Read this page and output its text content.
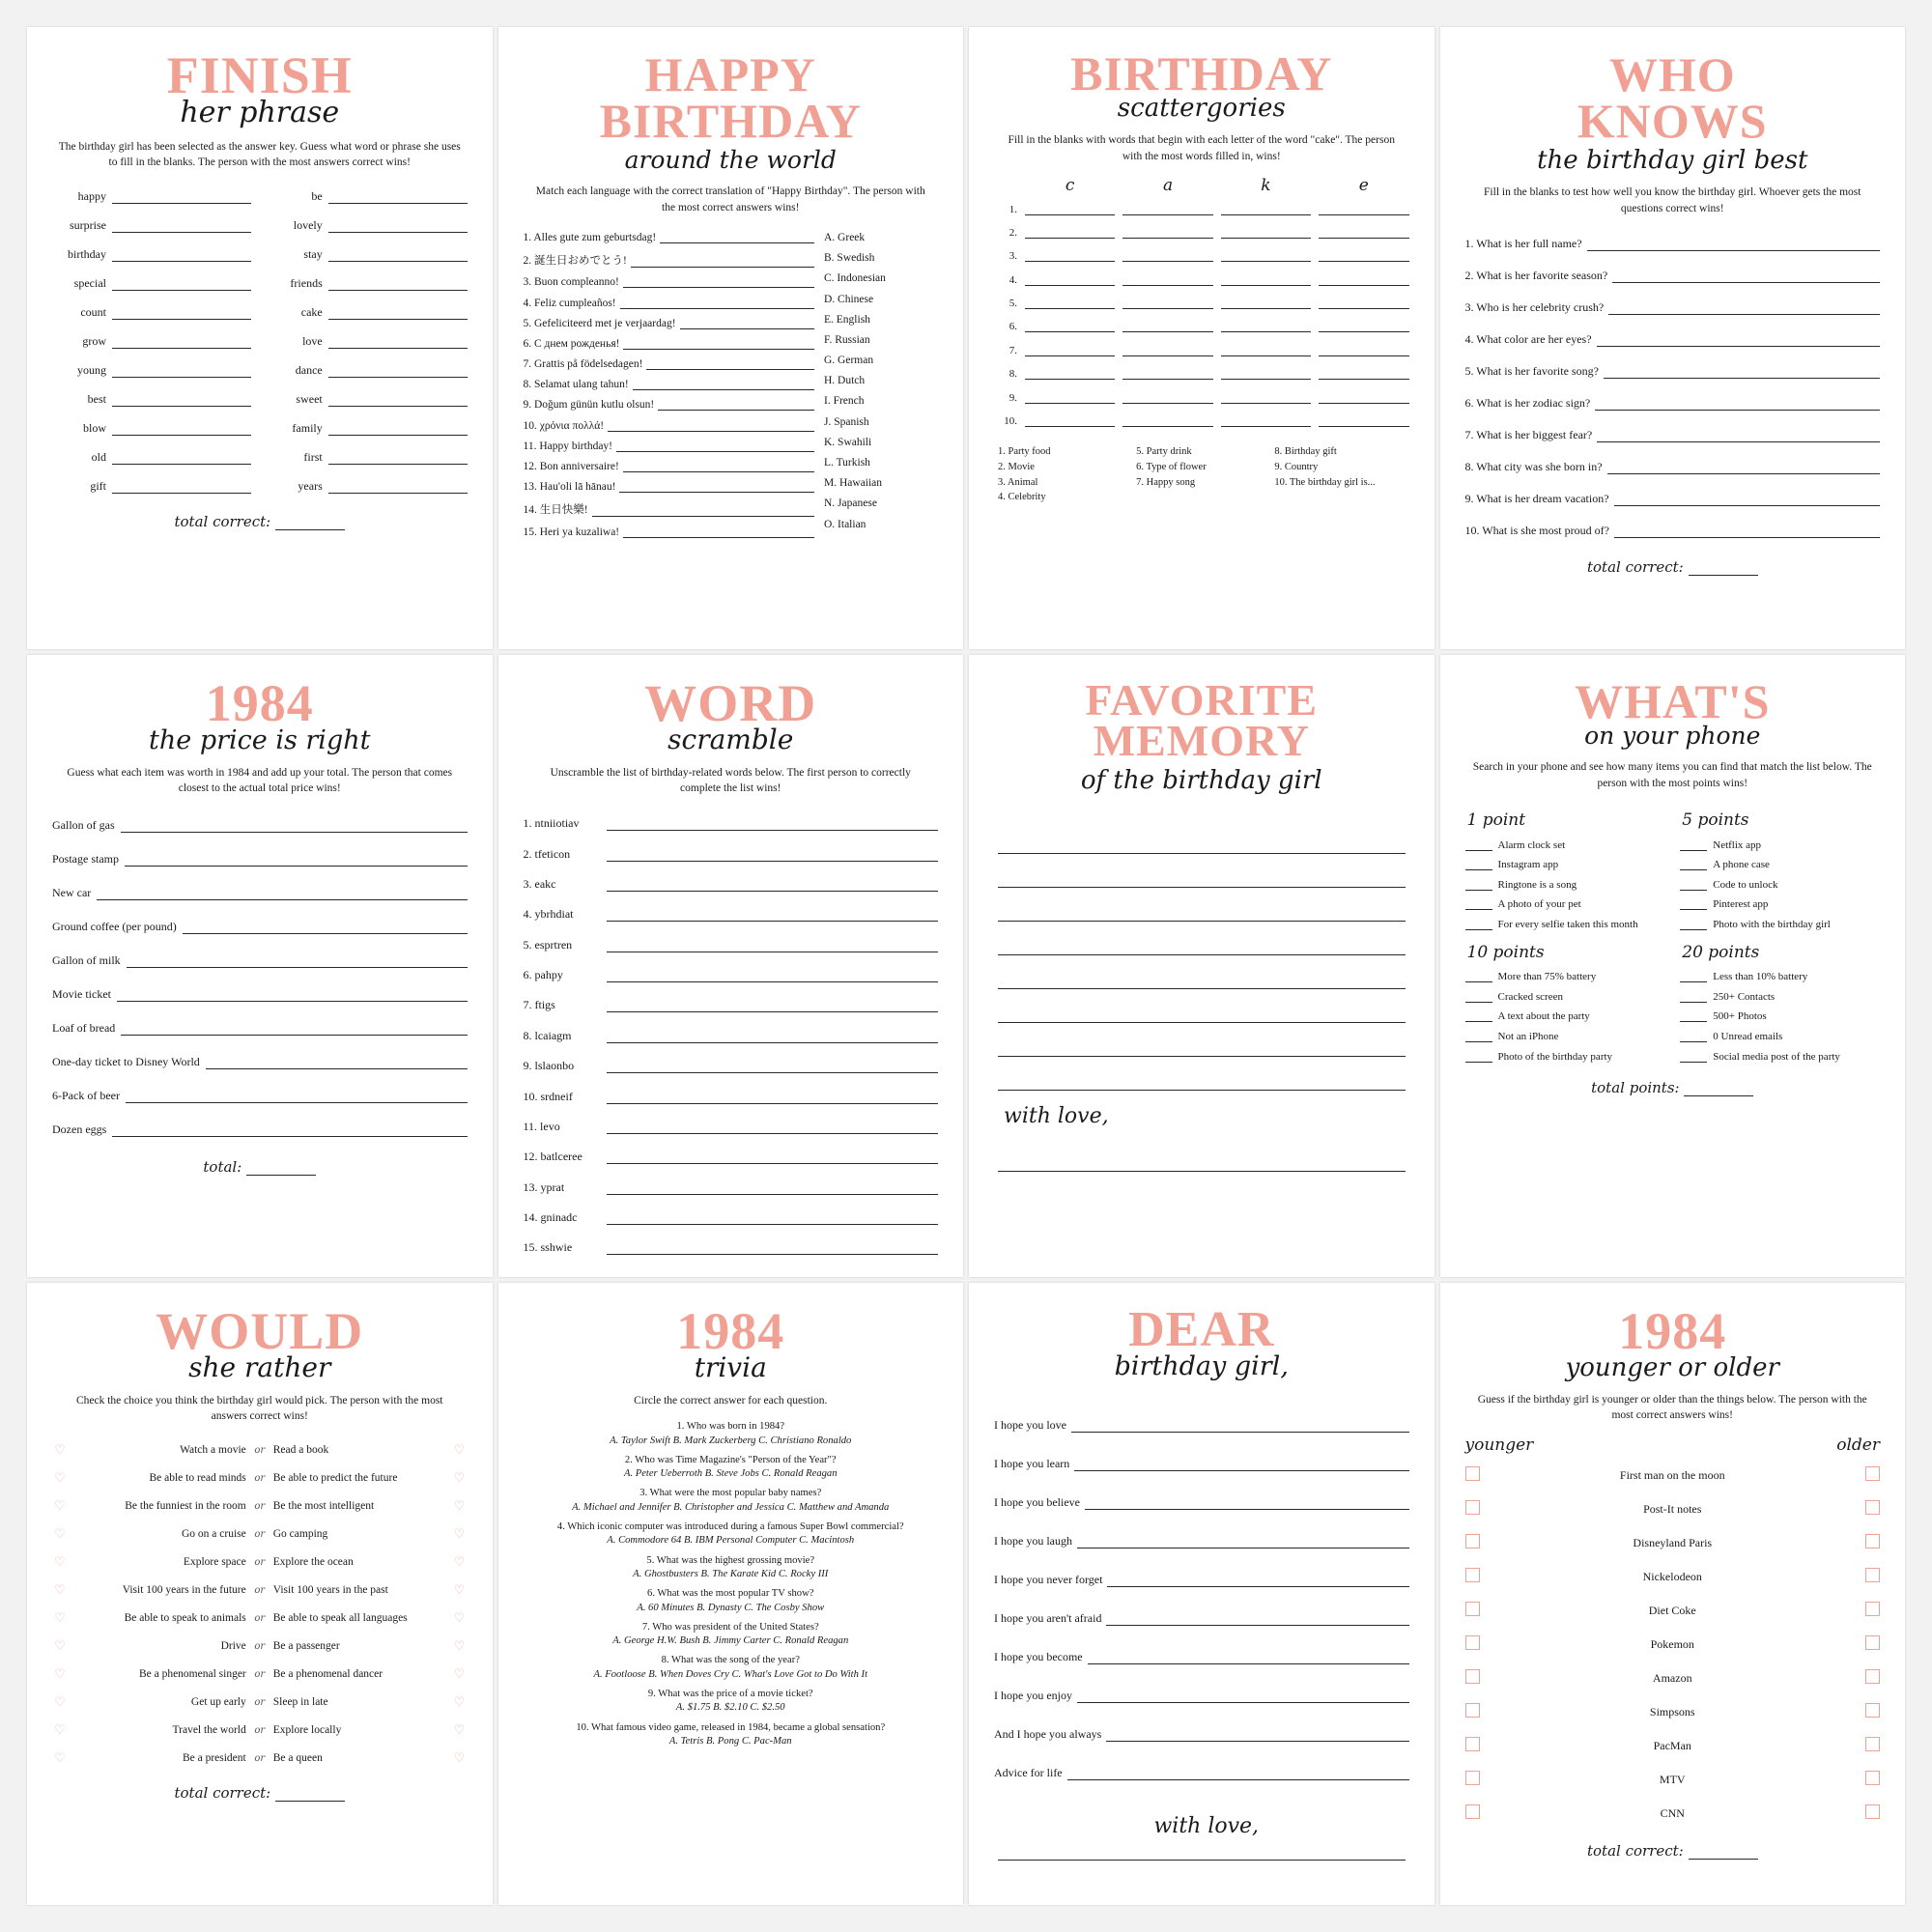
FINISH
her phrase
The birthday girl has been selected as the answer key. Guess what word or phrase she uses to fill in the blanks. The person with the most answers correct wins!
happy
surprise
birthday
special
count
grow
young
best
blow
old
gift
be
lovely
stay
friends
cake
love
dance
sweet
family
first
years
total correct:
HAPPY
BIRTHDAY
around the world
Match each language with the correct translation of "Happy Birthday". The person with the most correct answers wins!
1. Alles gute zum geburtsdag!
2. 誕生日おめでとう!
3. Buon compleanno!
4. Feliz cumpleaños!
5. Gefeliciteerd met je verjaardag!
6. С днем рожденья!
7. Grattis på födelsedagen!
8. Selamat ulang tahun!
9. Doğum günün kutlu olsun!
10. χρόνια πολλά!
11. Happy birthday!
12. Bon anniversaire!
13. Hau'oli lā hānau!
14. 生日快樂!
15. Heri ya kuzaliwa!
A. Greek
B. Swedish
C. Indonesian
D. Chinese
E. English
F. Russian
G. German
H. Dutch
I. French
J. Spanish
K. Swahili
L. Turkish
M. Hawaiian
N. Japanese
O. Italian
BIRTHDAY
scattergories
Fill in the blanks with words that begin with each letter of the word "cake". The person with the most words filled in, wins!
c	a	k	e
1.
2.
3.
4.
5.
6.
7.
8.
9.
10.
1. Party food	5. Party drink	8. Birthday gift
2. Movie	6. Type of flower	9. Country
3. Animal	7. Happy song	10. The birthday girl is...
4. Celebrity
WHO
KNOWS
the birthday girl best
Fill in the blanks to test how well you know the birthday girl. Whoever gets the most questions correct wins!
1. What is her full name?
2. What is her favorite season?
3. Who is her celebrity crush?
4. What color are her eyes?
5. What is her favorite song?
6. What is her zodiac sign?
7. What is her biggest fear?
8. What city was she born in?
9. What is her dream vacation?
10. What is she most proud of?
total correct:
1984
the price is right
Guess what each item was worth in 1984 and add up your total. The person that comes closest to the actual total price wins!
Gallon of gas
Postage stamp
New car
Ground coffee (per pound)
Gallon of milk
Movie ticket
Loaf of bread
One-day ticket to Disney World
6-Pack of beer
Dozen eggs
total:
WORD
scramble
Unscramble the list of birthday-related words below. The first person to correctly complete the list wins!
1. ntniiotiav
2. tfeticon
3. eakc
4. ybrhdiat
5. esprtren
6. pahpy
7. ftigs
8. lcaiagm
9. lslaonbo
10. srdneif
11. levo
12. batlceree
13. yprat
14. gninadc
15. sshwie
FAVORITE
MEMORY
of the birthday girl
with love,
WHAT'S
on your phone
Search in your phone and see how many items you can find that match the list below. The person with the most points wins!
1 point
Alarm clock set
Instagram app
Ringtone is a song
A photo of your pet
For every selfie taken this month
5 points
Netflix app
A phone case
Code to unlock
Pinterest app
Photo with the birthday girl
10 points
More than 75% battery
Cracked screen
A text about the party
Not an iPhone
Photo of the birthday party
20 points
Less than 10% battery
250+ Contacts
500+ Photos
0 Unread emails
Social media post of the party
total points:
WOULD
she rather
Check the choice you think the birthday girl would pick. The person with the most answers correct wins!
♡	Watch a movie or Read a book	♡
♡	Be able to read minds or Be able to predict the future	♡
♡	Be the funniest in the room or Be the most intelligent	♡
♡	Go on a cruise or Go camping	♡
♡	Explore space or Explore the ocean	♡
♡	Visit 100 years in the future or Visit 100 years in the past	♡
♡	Be able to speak to animals or Be able to speak all languages	♡
♡	Drive or Be a passenger	♡
♡	Be a phenomenal singer or Be a phenomenal dancer	♡
♡	Get up early or Sleep in late	♡
♡	Travel the world or Explore locally	♡
♡	Be a president or Be a queen	♡
total correct:
1984
trivia
Circle the correct answer for each question.
1. Who was born in 1984?
A. Taylor Swift B. Mark Zuckerberg C. Christiano Ronaldo
2. Who was Time Magazine's "Person of the Year"?
A. Peter Ueberroth B. Steve Jobs C. Ronald Reagan
3. What were the most popular baby names?
A. Michael and Jennifer B. Christopher and Jessica C. Matthew and Amanda
4. Which iconic computer was introduced during a famous Super Bowl commercial?
A. Commodore 64 B. IBM Personal Computer C. Macintosh
5. What was the highest grossing movie?
A. Ghostbusters B. The Karate Kid C. Rocky III
6. What was the most popular TV show?
A. 60 Minutes B. Dynasty C. The Cosby Show
7. Who was president of the United States?
A. George H.W. Bush B. Jimmy Carter C. Ronald Reagan
8. What was the song of the year?
A. Footloose B. When Doves Cry C. What's Love Got to Do With It
9. What was the price of a movie ticket?
A. $1.75 B. $2.10 C. $2.50
10. What famous video game, released in 1984, became a global sensation?
A. Tetris B. Pong C. Pac-Man
DEAR
birthday girl,
I hope you love
I hope you learn
I hope you believe
I hope you laugh
I hope you never forget
I hope you aren't afraid
I hope you become
I hope you enjoy
And I hope you always
Advice for life
with love,
1984
younger or older
Guess if the birthday girl is younger or older than the things below. The person with the most correct answers wins!
younger	older
First man on the moon
Post-It notes
Disneyland Paris
Nickelodeon
Diet Coke
Pokemon
Amazon
Simpsons
PacMan
MTV
CNN
total correct:
